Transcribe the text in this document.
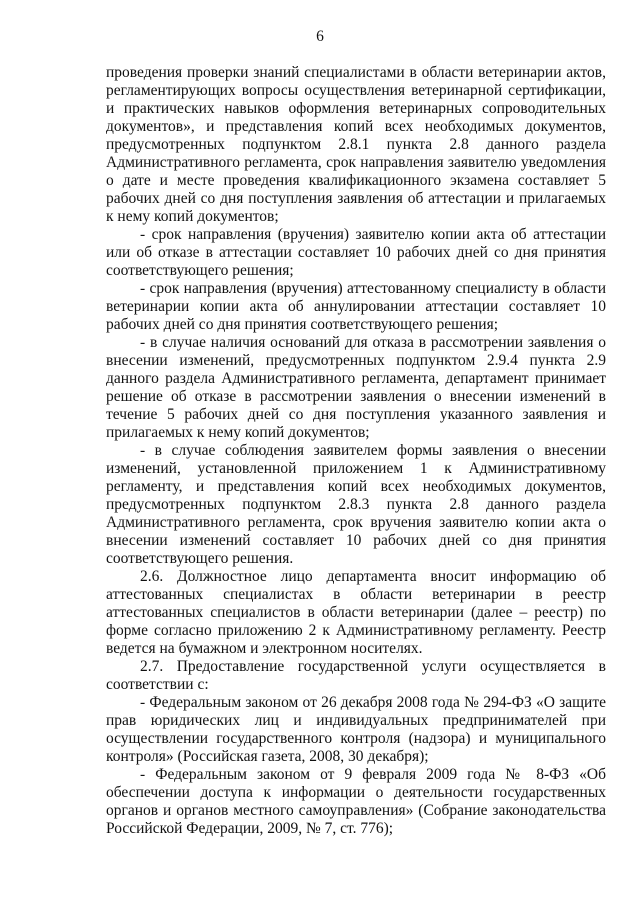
6

проведения проверки знаний специалистами в области ветеринарии актов, регламентирующих вопросы осуществления ветеринарной сертификации, и практических навыков оформления ветеринарных сопроводительных документов», и представления копий всех необходимых документов, предусмотренных подпунктом 2.8.1 пункта 2.8 данного раздела Административного регламента, срок направления заявителю уведомления о дате и месте проведения квалификационного экзамена составляет 5 рабочих дней со дня поступления заявления об аттестации и прилагаемых к нему копий документов;

- срок направления (вручения) заявителю копии акта об аттестации или об отказе в аттестации составляет 10 рабочих дней со дня принятия соответствующего решения;

- срок направления (вручения) аттестованному специалисту в области ветеринарии копии акта об аннулировании аттестации составляет 10 рабочих дней со дня принятия соответствующего решения;

- в случае наличия оснований для отказа в рассмотрении заявления о внесении изменений, предусмотренных подпунктом 2.9.4 пункта 2.9 данного раздела Административного регламента, департамент принимает решение об отказе в рассмотрении заявления о внесении изменений в течение 5 рабочих дней со дня поступления указанного заявления и прилагаемых к нему копий документов;

- в случае соблюдения заявителем формы заявления о внесении изменений, установленной приложением 1 к Административному регламенту, и представления копий всех необходимых документов, предусмотренных подпунктом 2.8.3 пункта 2.8 данного раздела Административного регламента, срок вручения заявителю копии акта о внесении изменений составляет 10 рабочих дней со дня принятия соответствующего решения.

2.6. Должностное лицо департамента вносит информацию об аттестованных специалистах в области ветеринарии в реестр аттестованных специалистов в области ветеринарии (далее – реестр) по форме согласно приложению 2 к Административному регламенту. Реестр ведется на бумажном и электронном носителях.

2.7. Предоставление государственной услуги осуществляется в соответствии с:

- Федеральным законом от 26 декабря 2008 года № 294-ФЗ «О защите прав юридических лиц и индивидуальных предпринимателей при осуществлении государственного контроля (надзора) и муниципального контроля» (Российская газета, 2008, 30 декабря);

- Федеральным законом от 9 февраля 2009 года № 8-ФЗ «Об обеспечении доступа к информации о деятельности государственных органов и органов местного самоуправления» (Собрание законодательства Российской Федерации, 2009, № 7, ст. 776);
